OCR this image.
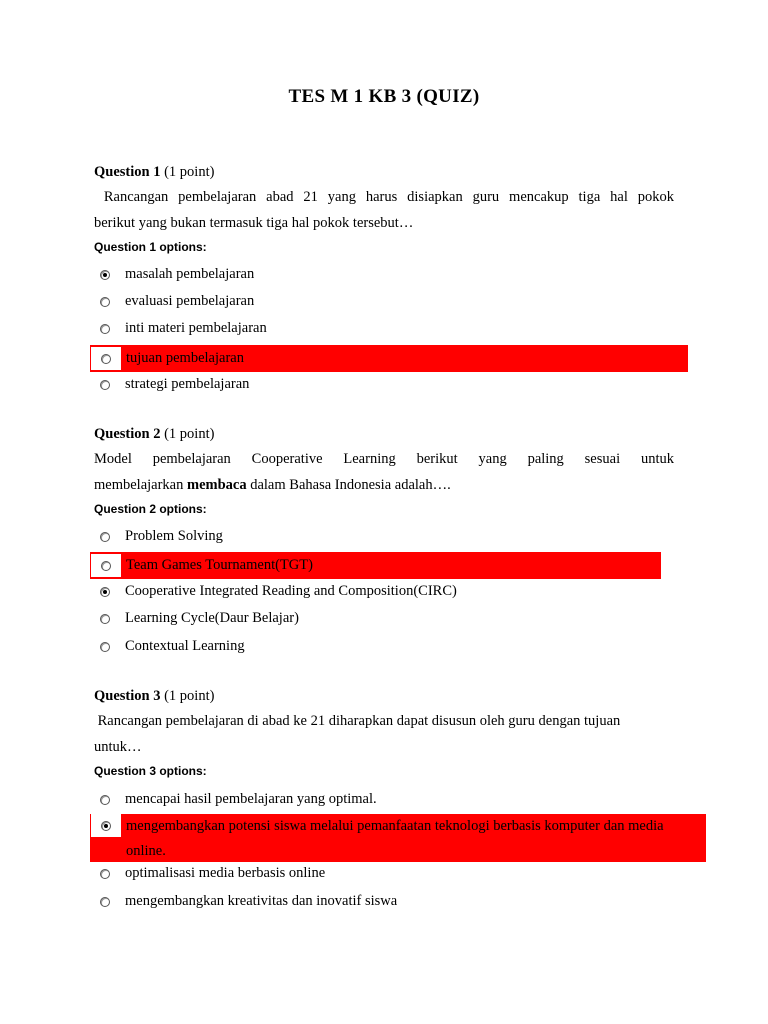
TES M 1 KB 3 (QUIZ)
Question 1 (1 point)

Rancangan pembelajaran abad 21 yang harus disiapkan guru mencakup tiga hal pokok

berikut yang bukan termasuk tiga hal pokok tersebut…

Question 1 options:
masalah pembelajaran
evaluasi pembelajaran
inti materi pembelajaran
tujuan pembelajaran
strategi pembelajaran
Question 2 (1 point)

Model pembelajaran Cooperative Learning berikut yang paling sesuai untuk

membelajarkan membaca dalam Bahasa Indonesia adalah….

Question 2 options:
Problem Solving
Team Games Tournament(TGT)
Cooperative Integrated Reading and Composition(CIRC)
Learning Cycle(Daur Belajar)
Contextual Learning
Question 3 (1 point)

Rancangan pembelajaran di abad ke 21 diharapkan dapat disusun oleh guru dengan tujuan

untuk…

Question 3 options:
mencapai hasil pembelajaran yang optimal.
mengembangkan potensi siswa melalui pemanfaatan teknologi berbasis komputer dan media online.
optimalisasi media berbasis online
mengembangkan kreativitas dan inovatif siswa
